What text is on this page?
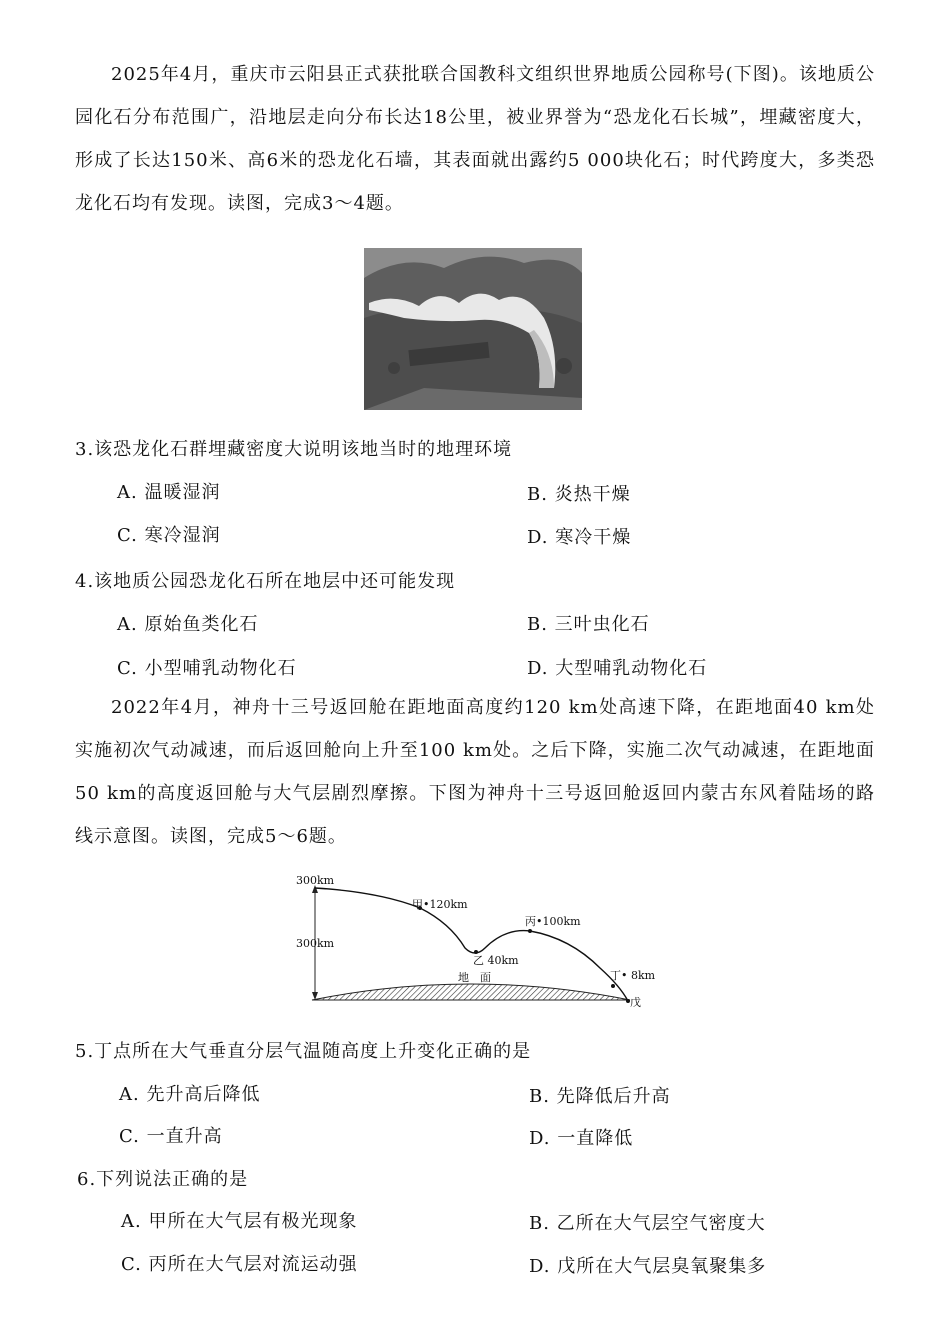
2025年4月，重庆市云阳县正式获批联合国教科文组织世界地质公园称号(下图)。该地质公园化石分布范围广，沿地层走向分布长达18公里，被业界誉为“恐龙化石长城”，埋藏密度大，形成了长达150米、高6米的恐龙化石墙，其表面就出露约5 000块化石；时代跨度大，多类恐龙化石均有发现。读图，完成3～4题。

3.该恐龙化石群埋藏密度大说明该地当时的地理环境

A. 温暖湿润	B. 炎热干燥

C. 寒冷湿润	D. 寒冷干燥

4.该地质公园恐龙化石所在地层中还可能发现

A. 原始鱼类化石	B. 三叶虫化石

C. 小型哺乳动物化石	D. 大型哺乳动物化石

2022年4月，神舟十三号返回舱在距地面高度约120 km处高速下降，在距地面40 km处实施初次气动减速，而后返回舱向上升至100 km处。之后下降，实施二次气动减速，在距地面50 km的高度返回舱与大气层剧烈摩擦。下图为神舟十三号返回舱返回内蒙古东风着陆场的路线示意图。读图，完成5～6题。

300km
300km
甲•120km
乙 40km
丙•100km
丁• 8km
戊
地　面

5.丁点所在大气垂直分层气温随高度上升变化正确的是

A. 先升高后降低	B. 先降低后升高

C. 一直升高	D. 一直降低

6.下列说法正确的是

A. 甲所在大气层有极光现象	B. 乙所在大气层空气密度大

C. 丙所在大气层对流运动强	D. 戊所在大气层臭氧聚集多
